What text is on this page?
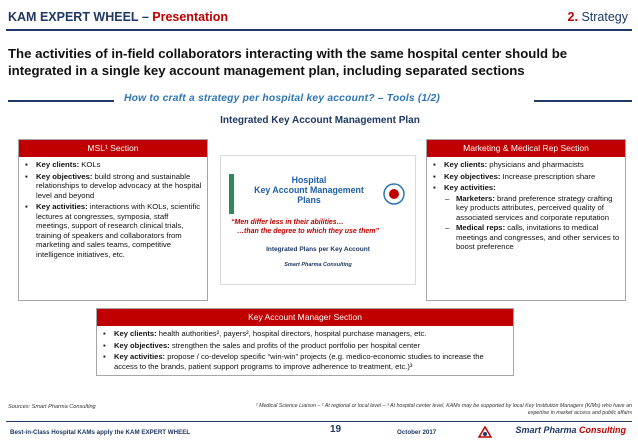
KAM EXPERT WHEEL – Presentation	2. Strategy
The activities of in-field collaborators interacting with the same hospital center should be integrated in a single key account management plan, including separated sections
How to craft a strategy per hospital key account? – Tools (1/2)
Integrated Key Account Management Plan
MSL¹ Section
▪ Key clients: KOLs
▪ Key objectives: build strong and sustainable relationships to develop advocacy at the hospital level and beyond
▪ Key activities: interactions with KOLs, scientific lectures at congresses, symposia, staff meetings, support of research clinical trials, training of speakers and collaborators from marketing and sales teams, competitive intelligence initiatives, etc.
Hospital
Key Account Management
Plans
“Men differ less in their abilities…
…than the degree to which they use them”
Integrated Plans per Key Account
Smart Pharma Consulting
Marketing & Medical Rep Section
▪ Key clients: physicians and pharmacists
▪ Key objectives: Increase prescription share
▪ Key activities:
– Marketers: brand preference strategy crafting key products attributes, perceived quality of associated services and corporate reputation
– Medical reps: calls, invitations to medical meetings and congresses, and other services to boost preference
Key Account Manager Section
▪ Key clients: health authorities², payers², hospital directors, hospital purchase managers, etc.
▪ Key objectives: strengthen the sales and profits of the product portfolio per hospital center
▪ Key activities: propose / co-develop specific “win-win” projects (e.g. medico-economic studies to increase the access to the brands, patient support programs to improve adherence to treatment, etc.)³
Sources: Smart Pharma Consulting	¹ Medical Science Liaison – ² At regional or local level – ³ At hospital center level, KAMs may be supported by local Key Institution Managers (KIMs) who have an expertise in market access and public affairs
Best-in-Class Hospital KAMs apply the KAM EXPERT WHEEL	19	October 2017	Smart Pharma Consulting
